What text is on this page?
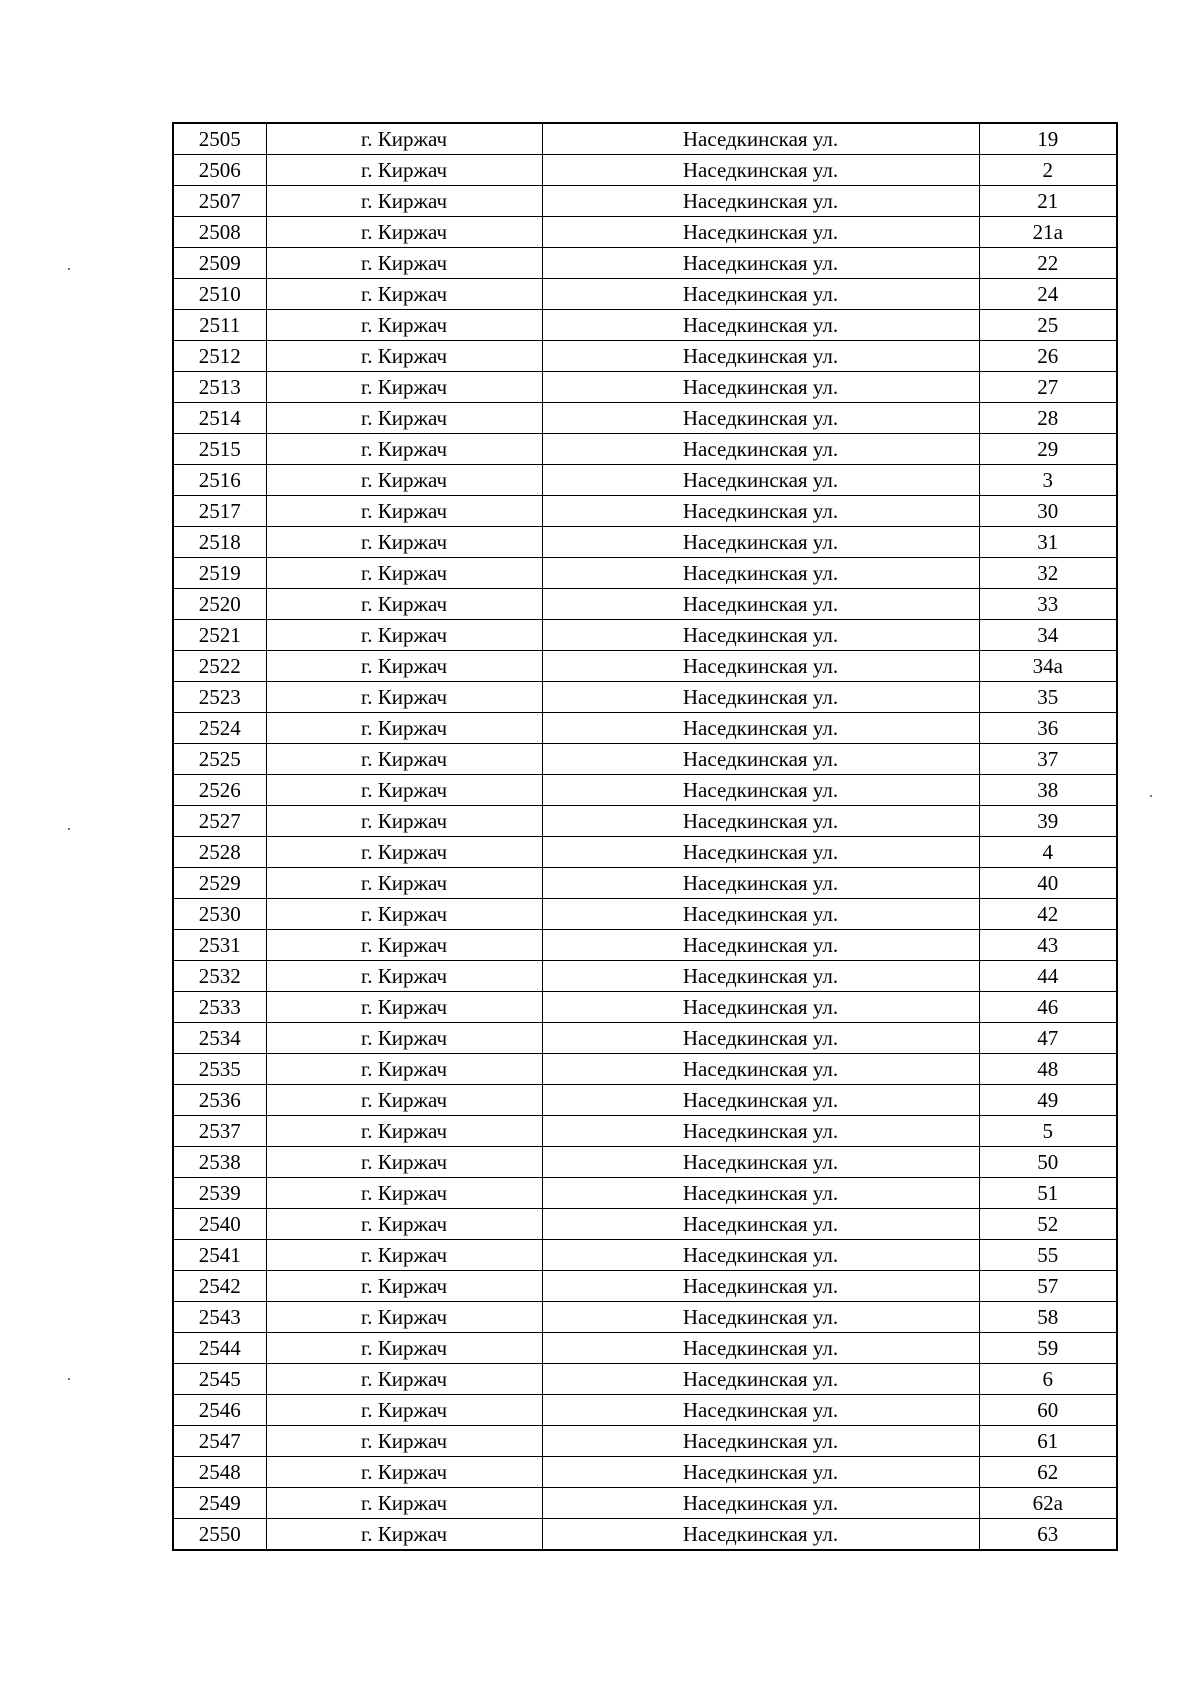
2505	г. Киржач	Наседкинская ул.	19
2506	г. Киржач	Наседкинская ул.	2
2507	г. Киржач	Наседкинская ул.	21
2508	г. Киржач	Наседкинская ул.	21а
2509	г. Киржач	Наседкинская ул.	22
2510	г. Киржач	Наседкинская ул.	24
2511	г. Киржач	Наседкинская ул.	25
2512	г. Киржач	Наседкинская ул.	26
2513	г. Киржач	Наседкинская ул.	27
2514	г. Киржач	Наседкинская ул.	28
2515	г. Киржач	Наседкинская ул.	29
2516	г. Киржач	Наседкинская ул.	3
2517	г. Киржач	Наседкинская ул.	30
2518	г. Киржач	Наседкинская ул.	31
2519	г. Киржач	Наседкинская ул.	32
2520	г. Киржач	Наседкинская ул.	33
2521	г. Киржач	Наседкинская ул.	34
2522	г. Киржач	Наседкинская ул.	34а
2523	г. Киржач	Наседкинская ул.	35
2524	г. Киржач	Наседкинская ул.	36
2525	г. Киржач	Наседкинская ул.	37
2526	г. Киржач	Наседкинская ул.	38
2527	г. Киржач	Наседкинская ул.	39
2528	г. Киржач	Наседкинская ул.	4
2529	г. Киржач	Наседкинская ул.	40
2530	г. Киржач	Наседкинская ул.	42
2531	г. Киржач	Наседкинская ул.	43
2532	г. Киржач	Наседкинская ул.	44
2533	г. Киржач	Наседкинская ул.	46
2534	г. Киржач	Наседкинская ул.	47
2535	г. Киржач	Наседкинская ул.	48
2536	г. Киржач	Наседкинская ул.	49
2537	г. Киржач	Наседкинская ул.	5
2538	г. Киржач	Наседкинская ул.	50
2539	г. Киржач	Наседкинская ул.	51
2540	г. Киржач	Наседкинская ул.	52
2541	г. Киржач	Наседкинская ул.	55
2542	г. Киржач	Наседкинская ул.	57
2543	г. Киржач	Наседкинская ул.	58
2544	г. Киржач	Наседкинская ул.	59
2545	г. Киржач	Наседкинская ул.	6
2546	г. Киржач	Наседкинская ул.	60
2547	г. Киржач	Наседкинская ул.	61
2548	г. Киржач	Наседкинская ул.	62
2549	г. Киржач	Наседкинская ул.	62а
2550	г. Киржач	Наседкинская ул.	63
